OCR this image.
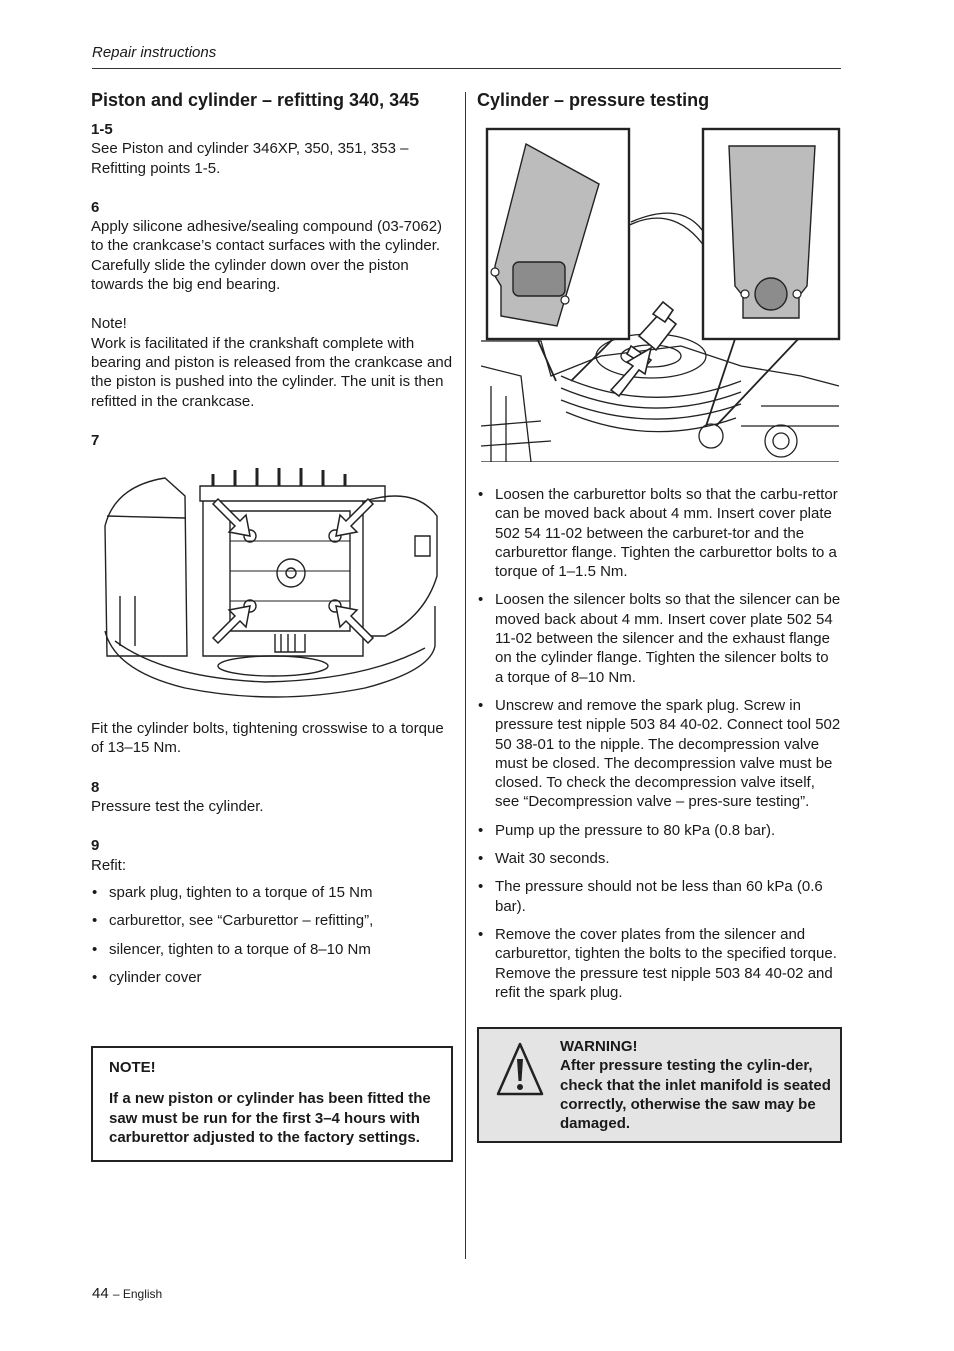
Repair instructions
Piston and cylinder – refitting 340, 345
1-5

See Piston and cylinder 346XP, 350, 351, 353 – Refitting points 1-5.

6

Apply silicone adhesive/sealing compound (03-7062) to the crankcase’s contact surfaces with the cylinder.

Carefully slide the cylinder down over the piston towards the big end bearing.

Note!

Work is facilitated if the crankshaft complete with bearing and piston is released from the crankcase and the piston is pushed into the cylinder. The unit is then refitted in the crankcase.

7

Fit the cylinder bolts, tightening crosswise to a torque of 13–15 Nm.

8

Pressure test the cylinder.

9

Refit:

• spark plug, tighten to a torque of 15 Nm
• carburettor, see “Carburettor – refitting”,
• silencer, tighten to a torque of 8–10 Nm
• cylinder cover

NOTE!

If a new piston or cylinder has been fitted the saw must be run for the first 3–4 hours with carburettor adjusted to the factory settings.

Cylinder – pressure testing
• Loosen the carburettor bolts so that the carbu-rettor can be moved back about 4 mm. Insert cover plate 502 54 11-02 between the carburet-tor and the carburettor flange. Tighten the carburettor bolts to a torque of 1–1.5 Nm.
• Loosen the silencer bolts so that the silencer can be moved back about 4 mm. Insert cover plate 502 54 11-02 between the silencer and the exhaust flange on the cylinder flange. Tighten the silencer bolts to a torque of 8–10 Nm.
• Unscrew and remove the spark plug. Screw in pressure test nipple 503 84 40-02. Connect tool 502 50 38-01 to the nipple. The decompression valve must be closed. The decompression valve must be closed. To check the decompression valve itself, see “Decompression valve – pres-sure testing”.
• Pump up the pressure to 80 kPa (0.8 bar).
• Wait 30 seconds.
• The pressure should not be less than 60 kPa (0.6 bar).
• Remove the cover plates from the silencer and carburettor, tighten the bolts to the specified torque. Remove the pressure test nipple 503 84 40-02 and refit the spark plug.

WARNING!

After pressure testing the cylin-der, check that the inlet manifold is seated correctly, otherwise the saw may be damaged.

44 – English
